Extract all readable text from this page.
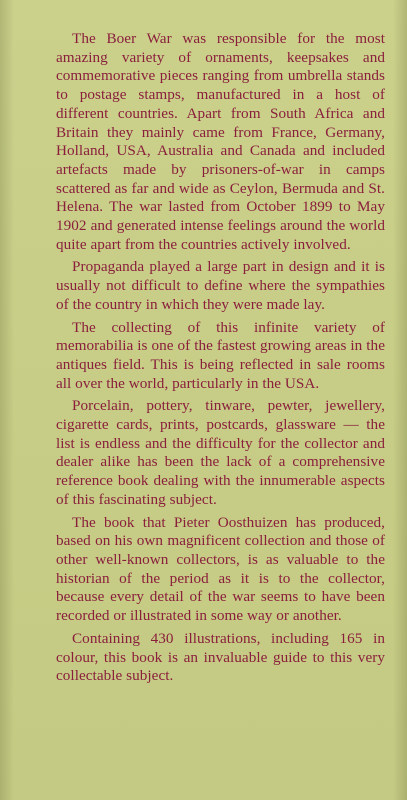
The Boer War was responsible for the most amazing variety of ornaments, keepsakes and commemorative pieces ranging from umbrella stands to postage stamps, manufactured in a host of different countries. Apart from South Africa and Britain they mainly came from France, Germany, Holland, USA, Australia and Canada and included artefacts made by prisoners-of-war in camps scattered as far and wide as Ceylon, Bermuda and St. Helena. The war lasted from October 1899 to May 1902 and generated intense feelings around the world quite apart from the countries actively involved.

Propaganda played a large part in design and it is usually not difficult to define where the sympathies of the country in which they were made lay.

The collecting of this infinite variety of memorabilia is one of the fastest growing areas in the antiques field. This is being reflected in sale rooms all over the world, particularly in the USA.

Porcelain, pottery, tinware, pewter, jewellery, cigarette cards, prints, postcards, glassware — the list is endless and the difficulty for the collector and dealer alike has been the lack of a comprehensive reference book dealing with the innumerable aspects of this fascinating subject.

The book that Pieter Oosthuizen has produced, based on his own magnificent collection and those of other well-known collectors, is as valuable to the historian of the period as it is to the collector, because every detail of the war seems to have been recorded or illustrated in some way or another.

Containing 430 illustrations, including 165 in colour, this book is an invaluable guide to this very collectable subject.
